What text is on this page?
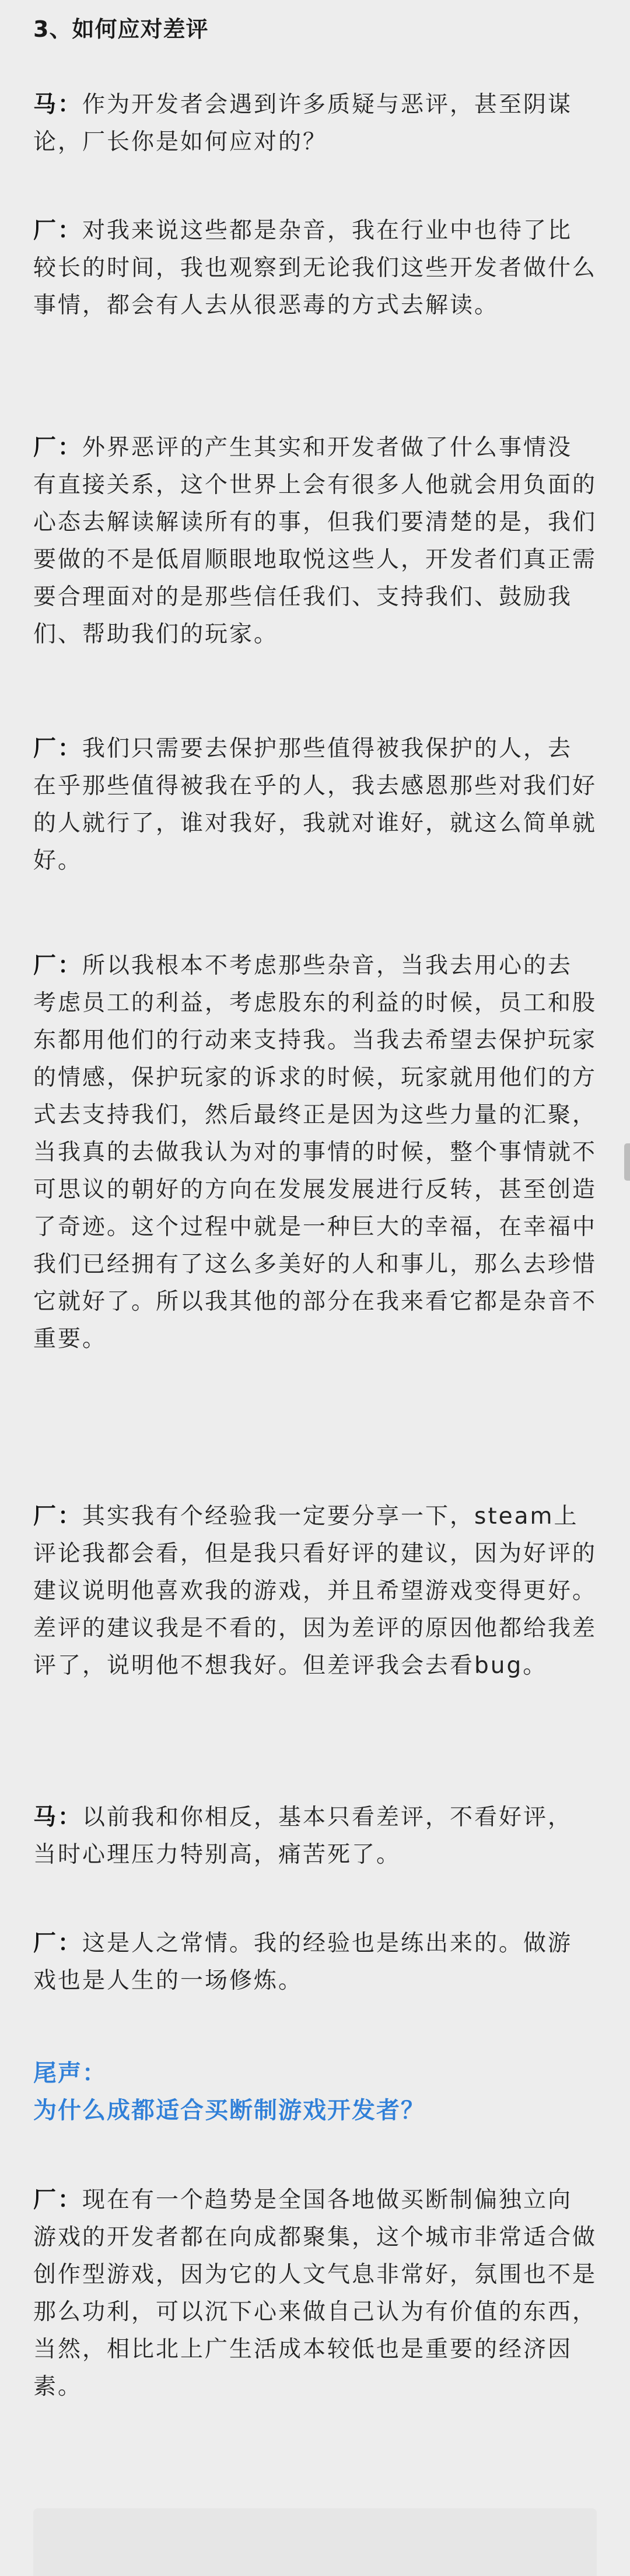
3、如何应对差评
马：作为开发者会遇到许多质疑与恶评，甚至阴谋论，厂长你是如何应对的？
厂：对我来说这些都是杂音，我在行业中也待了比较长的时间，我也观察到无论我们这些开发者做什么事情，都会有人去从很恶毒的方式去解读。
厂：外界恶评的产生其实和开发者做了什么事情没有直接关系，这个世界上会有很多人他就会用负面的心态去解读解读所有的事，但我们要清楚的是，我们要做的不是低眉顺眼地取悦这些人，开发者们真正需要合理面对的是那些信任我们、支持我们、鼓励我们、帮助我们的玩家。
厂：我们只需要去保护那些值得被我保护的人，去在乎那些值得被我在乎的人，我去感恩那些对我们好的人就行了，谁对我好，我就对谁好，就这么简单就好。
厂：所以我根本不考虑那些杂音，当我去用心的去考虑员工的利益，考虑股东的利益的时候，员工和股东都用他们的行动来支持我。当我去希望去保护玩家的情感，保护玩家的诉求的时候，玩家就用他们的方式去支持我们，然后最终正是因为这些力量的汇聚，当我真的去做我认为对的事情的时候，整个事情就不可思议的朝好的方向在发展发展进行反转，甚至创造了奇迹。这个过程中就是一种巨大的幸福，在幸福中我们已经拥有了这么多美好的人和事儿，那么去珍惜它就好了。所以我其他的部分在我来看它都是杂音不重要。
厂：其实我有个经验我一定要分享一下，steam上评论我都会看，但是我只看好评的建议，因为好评的建议说明他喜欢我的游戏，并且希望游戏变得更好。差评的建议我是不看的，因为差评的原因他都给我差评了，说明他不想我好。但差评我会去看bug。
马：以前我和你相反，基本只看差评，不看好评，当时心理压力特别高，痛苦死了。
厂：这是人之常情。我的经验也是练出来的。做游戏也是人生的一场修炼。
尾声：
为什么成都适合买断制游戏开发者？
厂：现在有一个趋势是全国各地做买断制偏独立向游戏的开发者都在向成都聚集，这个城市非常适合做创作型游戏，因为它的人文气息非常好，氛围也不是那么功利，可以沉下心来做自己认为有价值的东西，当然，相比北上广生活成本较低也是重要的经济因素。
